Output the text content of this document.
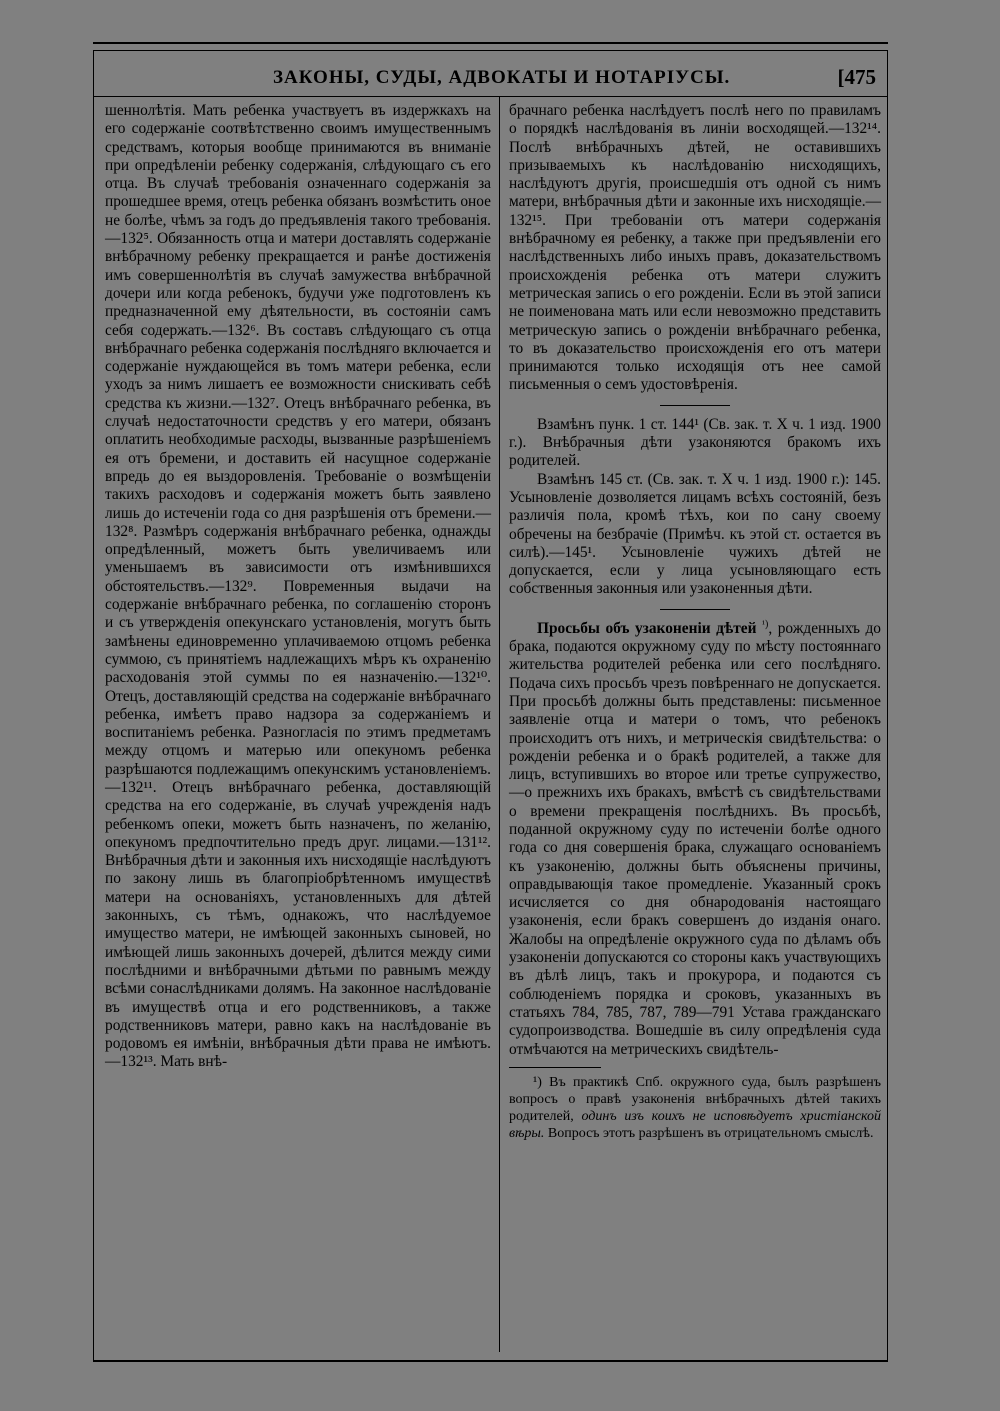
ЗАКОНЫ, СУДЫ, АДВОКАТЫ И НОТАРІУСЫ.	[475

шеннолѣтія. Мать ребенка участвуетъ въ издержкахъ на его содержаніе соотвѣтственно своимъ имущественнымъ средствамъ, которыя вообще принимаются въ вниманіе при опредѣленіи ребенку содержанія, слѣдующаго съ его отца. Въ случаѣ требованія означеннаго содержанія за прошедшее время, отецъ ребенка обязанъ возмѣстить оное не болѣе, чѣмъ за годъ до предъявленія такого требованія.—132⁵. Обязанность отца и матери доставлять содержаніе внѣбрачному ребенку прекращается и ранѣе достиженія имъ совершеннолѣтія въ случаѣ замужества внѣбрачной дочери или когда ребенокъ, будучи уже подготовленъ къ предназначенной ему дѣятельности, въ состояніи самъ себя содержать.—132⁶. Въ составъ слѣдующаго съ отца внѣбрачнаго ребенка содержанія послѣдняго включается и содержаніе нуждающейся въ томъ матери ребенка, если уходъ за нимъ лишаетъ ее возможности снискивать себѣ средства къ жизни.—132⁷. Отецъ внѣбрачнаго ребенка, въ случаѣ недостаточности средствъ у его матери, обязанъ оплатить необходимые расходы, вызванные разрѣшеніемъ ея отъ бремени, и доставить ей насущное содержаніе впредь до ея выздоровленія. Требованіе о возмѣщеніи такихъ расходовъ и содержанія можетъ быть заявлено лишь до истеченіи года со дня разрѣшенія отъ бремени.—132⁸. Размѣръ содержанія внѣбрачнаго ребенка, однажды опредѣленный, можетъ быть увеличиваемъ или уменьшаемъ въ зависимости отъ измѣнившихся обстоятельствъ.—132⁹. Повременныя выдачи на содержаніе внѣбрачнаго ребенка, по соглашенію сторонъ и съ утвержденія опекунскаго установленія, могутъ быть замѣнены единовременно уплачиваемою отцомъ ребенка суммою, съ принятіемъ надлежащихъ мѣръ къ охраненію расходованія этой суммы по ея назначенію.—132¹⁰. Отецъ, доставляющій средства на содержаніе внѣбрачнаго ребенка, имѣетъ право надзора за содержаніемъ и воспитаніемъ ребенка. Разногласія по этимъ предметамъ между отцомъ и матерью или опекуномъ ребенка разрѣшаются подлежащимъ опекунскимъ установленіемъ.—132¹¹. Отецъ внѣбрачнаго ребенка, доставляющій средства на его содержаніе, въ случаѣ учрежденія надъ ребенкомъ опеки, можетъ быть назначенъ, по желанію, опекуномъ предпочтительно предъ друг. лицами.—131¹². Внѣбрачныя дѣти и законныя ихъ нисходящіе наслѣдуютъ по закону лишь въ благопріобрѣтенномъ имуществѣ матери на основаніяхъ, установленныхъ для дѣтей законныхъ, съ тѣмъ, однакожъ, что наслѣдуемое имущество матери, не имѣющей законныхъ сыновей, но имѣющей лишь законныхъ дочерей, дѣлится между сими послѣдними и внѣбрачными дѣтьми по равнымъ между всѣми сонаслѣдниками долямъ. На законное наслѣдованіе въ имуществѣ отца и его родственниковъ, а также родственниковъ матери, равно какъ на наслѣдованіе въ родовомъ ея имѣніи, внѣбрачныя дѣти права не имѣютъ.—132¹³. Мать внѣ-

брачнаго ребенка наслѣдуетъ послѣ него по правиламъ о порядкѣ наслѣдованія въ линіи восходящей.—132¹⁴. Послѣ внѣбрачныхъ дѣтей, не оставившихъ призываемыхъ къ наслѣдованію нисходящихъ, наслѣдуютъ другія, происшедшія отъ одной съ нимъ матери, внѣбрачныя дѣти и законные ихъ нисходящіе.—132¹⁵. При требованіи отъ матери содержанія внѣбрачному ея ребенку, а также при предъявленіи его наслѣдственныхъ либо иныхъ правъ, доказательствомъ происхожденія ребенка отъ матери служитъ метрическая запись о его рожденіи. Если въ этой записи не поименована мать или если невозможно представить метрическую запись о рожденіи внѣбрачнаго ребенка, то въ доказательство происхожденія его отъ матери принимаются только исходящія отъ нее самой письменныя о семъ удостовѣренія.

Взамѣнъ пунк. 1 ст. 144¹ (Св. зак. т. X ч. 1 изд. 1900 г.). Внѣбрачныя дѣти узаконяются бракомъ ихъ родителей.

Взамѣнъ 145 ст. (Св. зак. т. X ч. 1 изд. 1900 г.): 145. Усыновленіе дозволяется лицамъ всѣхъ состояній, безъ различія пола, кромѣ тѣхъ, кои по сану своему обречены на безбрачіе (Примѣч. къ этой ст. остается въ силѣ).—145¹. Усыновленіе чужихъ дѣтей не допускается, если у лица усыновляющаго есть собственныя законныя или узаконенныя дѣти.

Просьбы объ узаконеніи дѣтей $^{^1)}$, рожденныхъ до брака, подаются окружному суду по мѣсту постояннаго жительства родителей ребенка или сего послѣдняго. Подача сихъ просьбъ чрезъ повѣреннаго не допускается. При просьбѣ должны быть представлены: письменное заявленіе отца и матери о томъ, что ребенокъ происходитъ отъ нихъ, и метрическія свидѣтельства: о рожденіи ребенка и о бракѣ родителей, а также для лицъ, вступившихъ во второе или третье супружество,—о прежнихъ ихъ бракахъ, вмѣстѣ съ свидѣтельствами о времени прекращенія послѣднихъ. Въ просьбѣ, поданной окружному суду по истеченіи болѣе одного года со дня совершенія брака, служащаго основаніемъ къ узаконенію, должны быть объяснены причины, оправдывающія такое промедленіе. Указанный срокъ исчисляется со дня обнародованія настоящаго узаконенія, если бракъ совершенъ до изданія онаго. Жалобы на опредѣленіе окружного суда по дѣламъ объ узаконеніи допускаются со стороны какъ участвующихъ въ дѣлѣ лицъ, такъ и прокурора, и подаются съ соблюденіемъ порядка и сроковъ, указанныхъ въ статьяхъ 784, 785, 787, 789—791 Устава гражданскаго судопроизводства. Вошедшіе въ силу опредѣленія суда отмѣчаются на метрическихъ свидѣтель-

¹) Въ практикѣ Спб. окружного суда, былъ разрѣшенъ вопросъ о правѣ узаконенія внѣбрачныхъ дѣтей такихъ родителей, одинъ изъ коихъ не исповѣдуетъ христіанской вѣры. Вопросъ этотъ разрѣшенъ въ отрицательномъ смыслѣ.
